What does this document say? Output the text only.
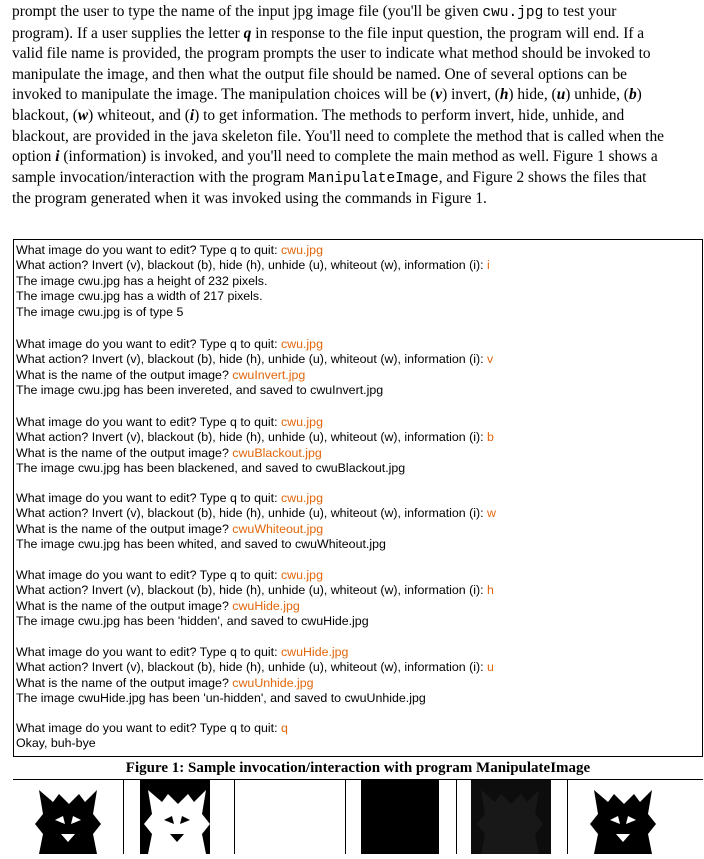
prompt the user to type the name of the input jpg image file (you'll be given cwu.jpg to test your

program). If a user supplies the letter q in response to the file input question, the program will end. If a

valid file name is provided, the program prompts the user to indicate what method should be invoked to

manipulate the image, and then what the output file should be named. One of several options can be

invoked to manipulate the image. The manipulation choices will be (v) invert, (h) hide, (u) unhide, (b)

blackout, (w) whiteout, and (i) to get information. The methods to perform invert, hide, unhide, and

blackout, are provided in the java skeleton file. You'll need to complete the method that is called when the

option i (information) is invoked, and you'll need to complete the main method as well. Figure 1 shows a

sample invocation/interaction with the program ManipulateImage, and Figure 2 shows the files that

the program generated when it was invoked using the commands in Figure 1.

What image do you want to edit? Type q to quit: cwu.jpg
What action? Invert (v), blackout (b), hide (h), unhide (u), whiteout (w), information (i): i
The image cwu.jpg has a height of 232 pixels.
The image cwu.jpg has a width of 217 pixels.
The image cwu.jpg is of type 5
What image do you want to edit? Type q to quit: cwu.jpg
What action? Invert (v), blackout (b), hide (h), unhide (u), whiteout (w), information (i): v
What is the name of the output image? cwuInvert.jpg
The image cwu.jpg has been invereted, and saved to cwuInvert.jpg
What image do you want to edit? Type q to quit: cwu.jpg
What action? Invert (v), blackout (b), hide (h), unhide (u), whiteout (w), information (i): b
What is the name of the output image? cwuBlackout.jpg
The image cwu.jpg has been blackened, and saved to cwuBlackout.jpg
What image do you want to edit? Type q to quit: cwu.jpg
What action? Invert (v), blackout (b), hide (h), unhide (u), whiteout (w), information (i): w
What is the name of the output image? cwuWhiteout.jpg
The image cwu.jpg has been whited, and saved to cwuWhiteout.jpg
What image do you want to edit? Type q to quit: cwu.jpg
What action? Invert (v), blackout (b), hide (h), unhide (u), whiteout (w), information (i): h
What is the name of the output image? cwuHide.jpg
The image cwu.jpg has been 'hidden', and saved to cwuHide.jpg
What image do you want to edit? Type q to quit: cwuHide.jpg
What action? Invert (v), blackout (b), hide (h), unhide (u), whiteout (w), information (i): u
What is the name of the output image? cwuUnhide.jpg
The image cwuHide.jpg has been 'un-hidden', and saved to cwuUnhide.jpg
What image do you want to edit? Type q to quit: q
Okay, buh-bye
Figure 1: Sample invocation/interaction with program ManipulateImage
